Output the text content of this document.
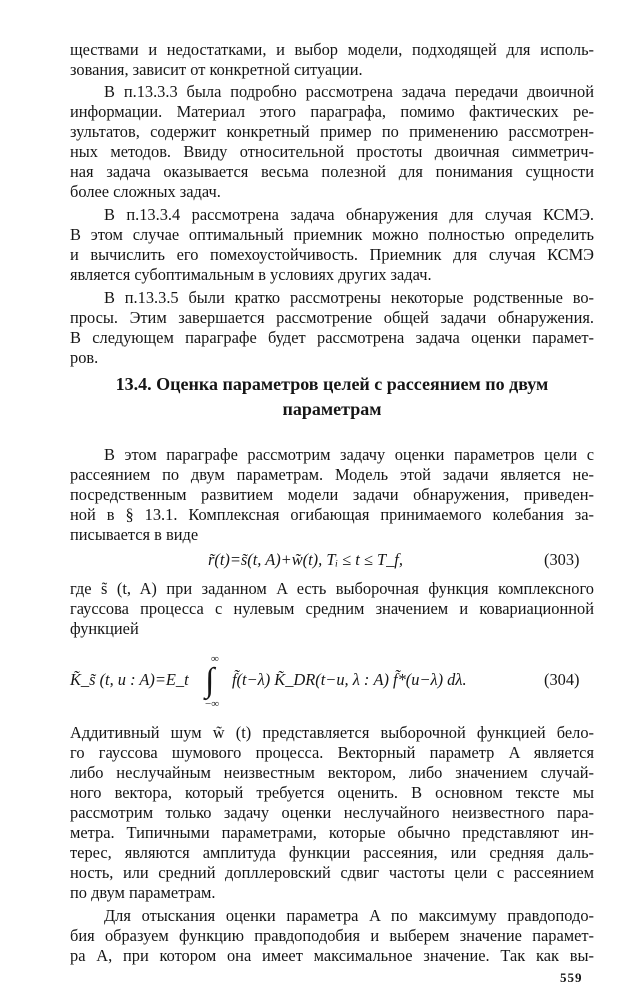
ществами и недостатками, и выбор модели, подходящей для исполь-
зования, зависит от конкретной ситуации.
В п.13.3.3 была подробно рассмотрена задача передачи двоичной
информации. Материал этого параграфа, помимо фактических ре-
зультатов, содержит конкретный пример по применению рассмотрен-
ных методов. Ввиду относительной простоты двоичная симметрич-
ная задача оказывается весьма полезной для понимания сущности
более сложных задач.
В п.13.3.4 рассмотрена задача обнаружения для случая КСМЭ.
В этом случае оптимальный приемник можно полностью определить
и вычислить его помехоустойчивость. Приемник для случая КСМЭ
является субоптимальным в условиях других задач.
В п.13.3.5 были кратко рассмотрены некоторые родственные во-
просы. Этим завершается рассмотрение общей задачи обнаружения.
В следующем параграфе будет рассмотрена задача оценки парамет-
ров.
13.4. Оценка параметров целей с рассеянием по двум
параметрам
В этом параграфе рассмотрим задачу оценки параметров цели с
рассеянием по двум параметрам. Модель этой задачи является не-
посредственным развитием модели задачи обнаружения, приведен-
ной в § 13.1. Комплексная огибающая принимаемого колебания за-
писывается в виде
r̃(t)=s̃(t, A)+w̃(t), Tᵢ ≤ t ≤ T_f,	(303)
где s̃ (t, A) при заданном A есть выборочная функция комплексного
гауссова процесса с нулевым средним значением и ковариационной
функцией
K̃_s̃ (t, u : A)=E_t
∞
∫
−∞
f̃(t−λ) K̃_DR(t−u, λ : A) f̃*(u−λ) dλ.	(304)
Аддитивный шум w̃ (t) представляется выборочной функцией бело-
го гауссова шумового процесса. Векторный параметр A является
либо неслучайным неизвестным вектором, либо значением случай-
ного вектора, который требуется оценить. В основном тексте мы
рассмотрим только задачу оценки неслучайного неизвестного пара-
метра. Типичными параметрами, которые обычно представляют ин-
терес, являются амплитуда функции рассеяния, или средняя даль-
ность, или средний допллеровский сдвиг частоты цели с рассеянием
по двум параметрам.
Для отыскания оценки параметра A по максимуму правдоподо-
бия образуем функцию правдоподобия и выберем значение парамет-
ра A, при котором она имеет максимальное значение. Так как вы-
559
